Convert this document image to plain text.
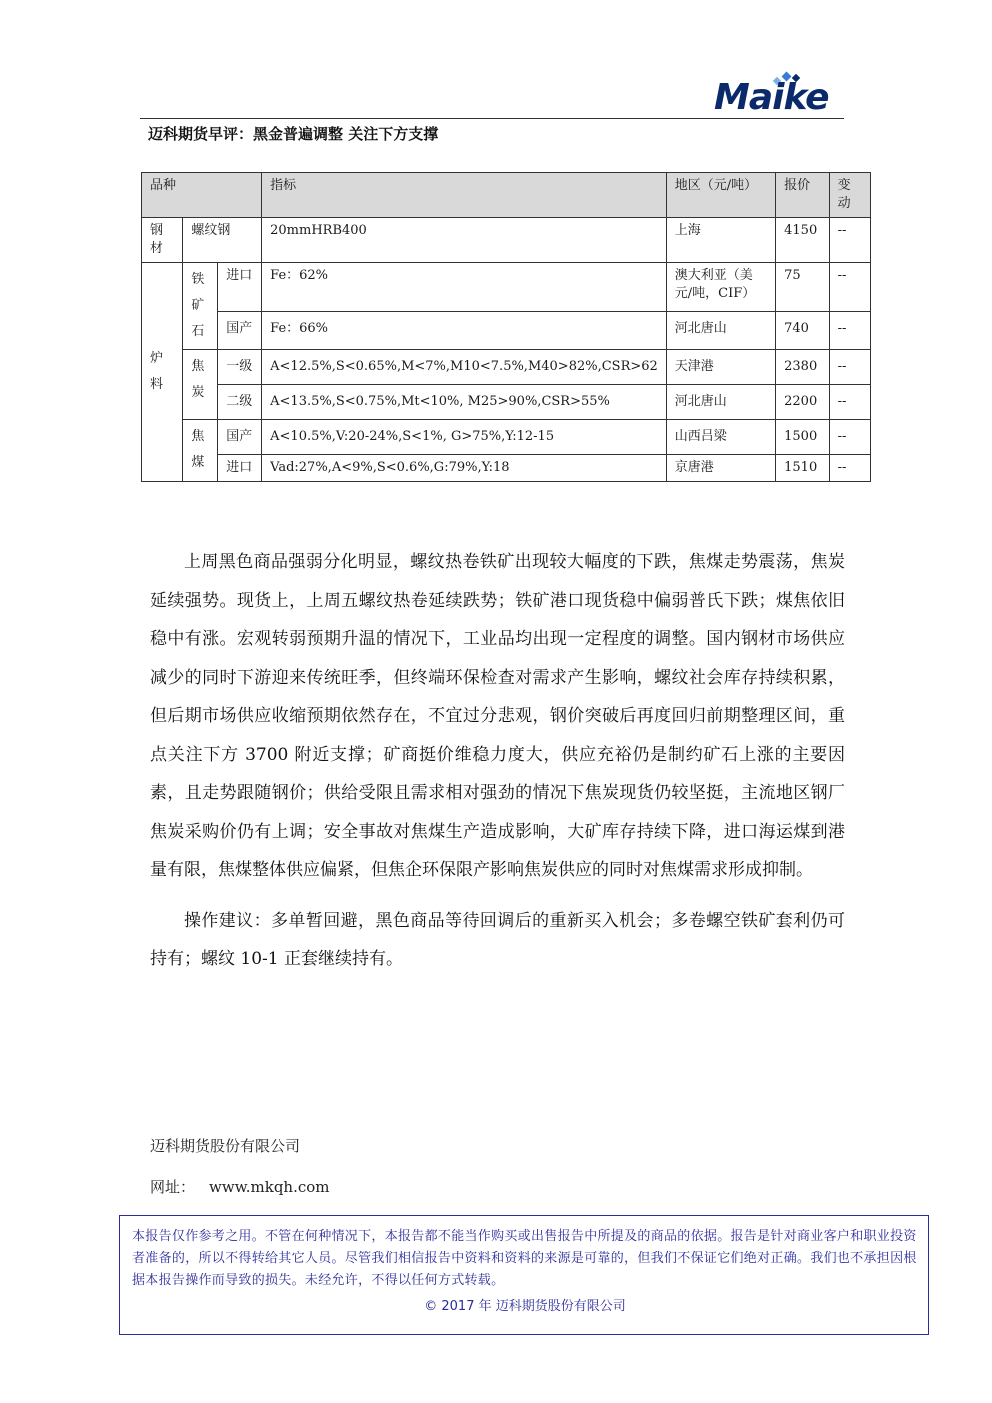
Maike
迈科期货早评：黑金普遍调整 关注下方支撑
品种			指标	地区（元/吨）	报价	变动
钢材	螺纹钢		20mmHRB400	上海	4150	--
炉料	铁矿石	进口	Fe：62%	澳大利亚（美元/吨，CIF）	75	--
		国产	Fe：66%	河北唐山	740	--

	焦炭	一级	A<12.5%,S<0.65%,M<7%,M10<7.5%,M40>82%,CSR>62	天津港	2380	--
		二级	A<13.5%,S<0.75%,Mt<10%, M25>90%,CSR>55%	河北唐山	2200	--

	焦煤	国产	A<10.5%,V:20-24%,S<1%, G>75%,Y:12-15	山西吕梁	1500	--
		进口	Vad:27%,A<9%,S<0.6%,G:79%,Y:18	京唐港	1510	--

上周黑色商品强弱分化明显，螺纹热卷铁矿出现较大幅度的下跌，焦煤走势震荡，焦炭延续强势。现货上，上周五螺纹热卷延续跌势；铁矿港口现货稳中偏弱普氏下跌；煤焦依旧稳中有涨。宏观转弱预期升温的情况下，工业品均出现一定程度的调整。国内钢材市场供应减少的同时下游迎来传统旺季，但终端环保检查对需求产生影响，螺纹社会库存持续积累，但后期市场供应收缩预期依然存在，不宜过分悲观，钢价突破后再度回归前期整理区间，重点关注下方 3700 附近支撑；矿商挺价维稳力度大，供应充裕仍是制约矿石上涨的主要因素，且走势跟随钢价；供给受限且需求相对强劲的情况下焦炭现货仍较坚挺，主流地区钢厂焦炭采购价仍有上调；安全事故对焦煤生产造成影响，大矿库存持续下降，进口海运煤到港量有限，焦煤整体供应偏紧，但焦企环保限产影响焦炭供应的同时对焦煤需求形成抑制。

操作建议：多单暂回避，黑色商品等待回调后的重新买入机会；多卷螺空铁矿套利仍可持有；螺纹 10-1 正套继续持有。

迈科期货股份有限公司
网址： www.mkqh.com
本报告仅作参考之用。不管在何种情况下，本报告都不能当作购买或出售报告中所提及的商品的依据。报告是针对商业客户和职业投资者准备的，所以不得转给其它人员。尽管我们相信报告中资料和资料的来源是可靠的，但我们不保证它们绝对正确。我们也不承担因根据本报告操作而导致的损失。未经允许，不得以任何方式转载。
© 2017 年 迈科期货股份有限公司
